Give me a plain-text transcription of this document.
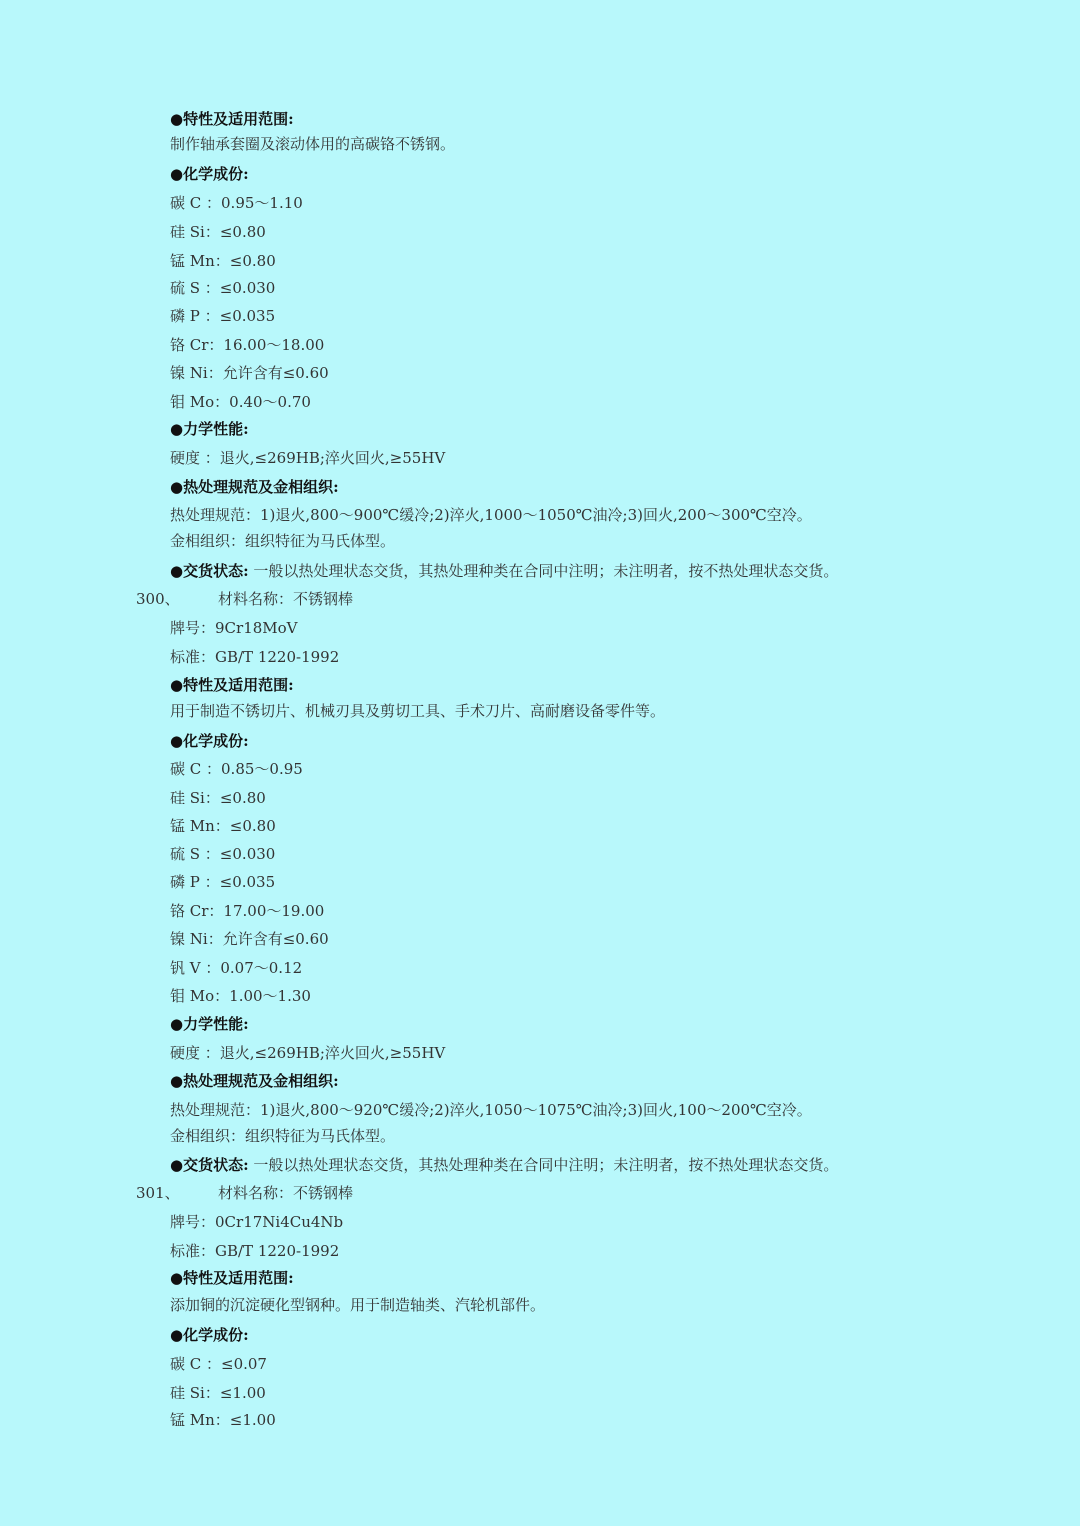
●特性及适用范围:
制作轴承套圈及滚动体用的高碳铬不锈钢。
●化学成份:
碳 C ：0.95～1.10
硅 Si：≤0.80
锰 Mn：≤0.80
硫 S ：≤0.030
磷 P ：≤0.035
铬 Cr：16.00～18.00
镍 Ni：允许含有≤0.60
钼 Mo：0.40～0.70
●力学性能:
硬度 ：退火,≤269HB;淬火回火,≥55HV
●热处理规范及金相组织:
热处理规范：1)退火,800～900℃缓冷;2)淬火,1000～1050℃油冷;3)回火,200～300℃空冷。
金相组织：组织特征为马氏体型。
●交货状态: 一般以热处理状态交货，其热处理种类在合同中注明；未注明者，按不热处理状态交货。
300、	材料名称：不锈钢棒
牌号：9Cr18MoV
标准：GB/T 1220-1992
●特性及适用范围:
用于制造不锈切片、机械刃具及剪切工具、手术刀片、高耐磨设备零件等。
●化学成份:
碳 C ：0.85～0.95
硅 Si：≤0.80
锰 Mn：≤0.80
硫 S ：≤0.030
磷 P ：≤0.035
铬 Cr：17.00～19.00
镍 Ni：允许含有≤0.60
钒 V ：0.07～0.12
钼 Mo：1.00～1.30
●力学性能:
硬度 ：退火,≤269HB;淬火回火,≥55HV
●热处理规范及金相组织:
热处理规范：1)退火,800～920℃缓冷;2)淬火,1050～1075℃油冷;3)回火,100～200℃空冷。
金相组织：组织特征为马氏体型。
●交货状态: 一般以热处理状态交货，其热处理种类在合同中注明；未注明者，按不热处理状态交货。
301、	材料名称：不锈钢棒
牌号：0Cr17Ni4Cu4Nb
标准：GB/T 1220-1992
●特性及适用范围:
添加铜的沉淀硬化型钢种。用于制造轴类、汽轮机部件。
●化学成份:
碳 C ：≤0.07
硅 Si：≤1.00
锰 Mn：≤1.00
